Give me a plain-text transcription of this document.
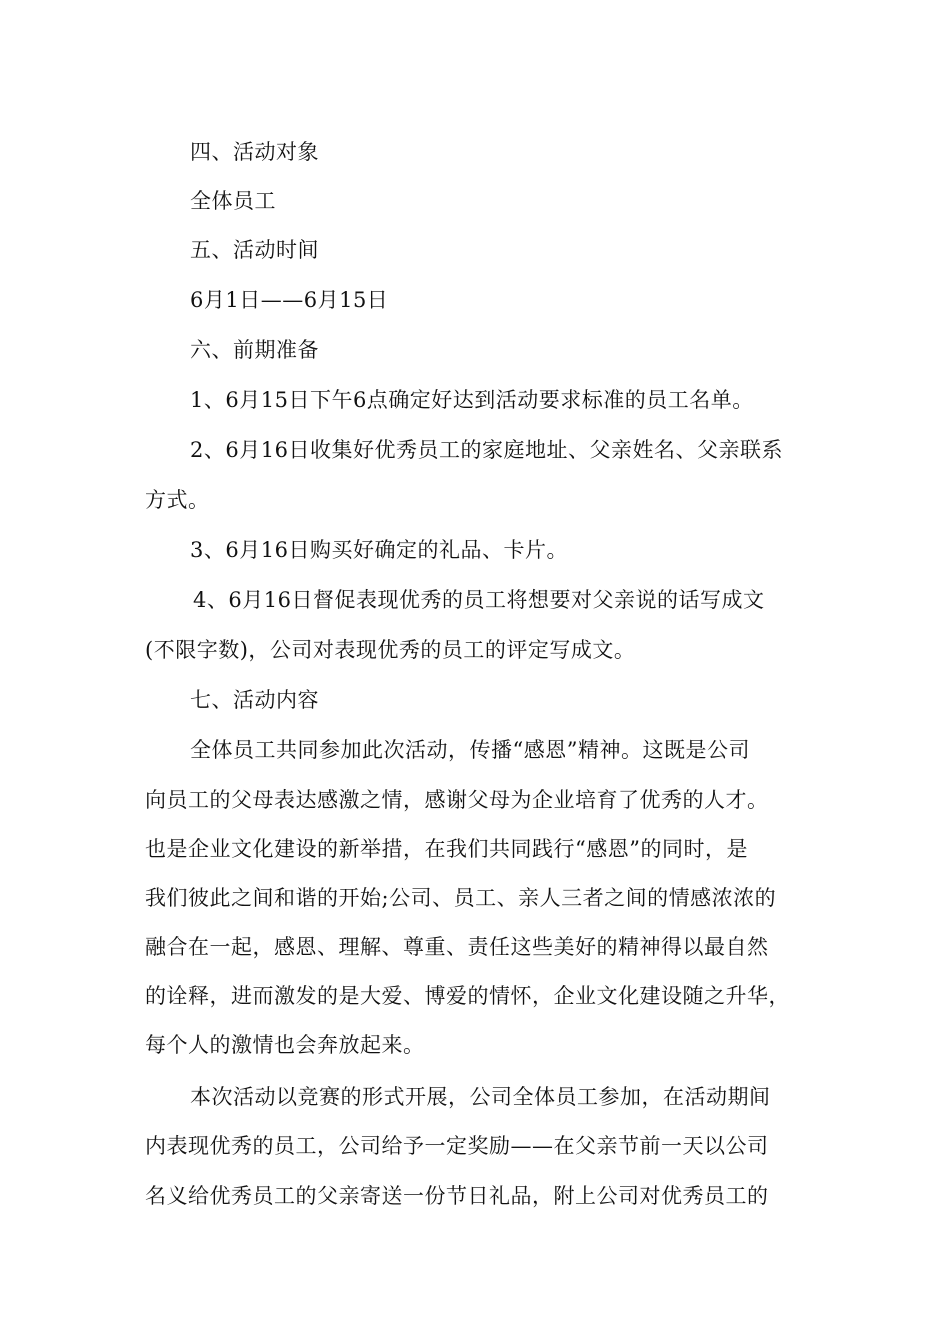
四、活动对象
全体员工
五、活动时间
6月1日——6月15日
六、前期准备
1、6月15日下午6点确定好达到活动要求标准的员工名单。
2、6月16日收集好优秀员工的家庭地址、父亲姓名、父亲联系
方式。
3、6月16日购买好确定的礼品、卡片。
4、6月16日督促表现优秀的员工将想要对父亲说的话写成文
(不限字数)，公司对表现优秀的员工的评定写成文。
七、活动内容
全体员工共同参加此次活动，传播“感恩”精神。这既是公司
向员工的父母表达感激之情，感谢父母为企业培育了优秀的人才。
也是企业文化建设的新举措，在我们共同践行“感恩”的同时，是
我们彼此之间和谐的开始;公司、员工、亲人三者之间的情感浓浓的
融合在一起，感恩、理解、尊重、责任这些美好的精神得以最自然
的诠释，进而激发的是大爱、博爱的情怀，企业文化建设随之升华，
每个人的激情也会奔放起来。
本次活动以竞赛的形式开展，公司全体员工参加，在活动期间
内表现优秀的员工，公司给予一定奖励——在父亲节前一天以公司
名义给优秀员工的父亲寄送一份节日礼品，附上公司对优秀员工的
